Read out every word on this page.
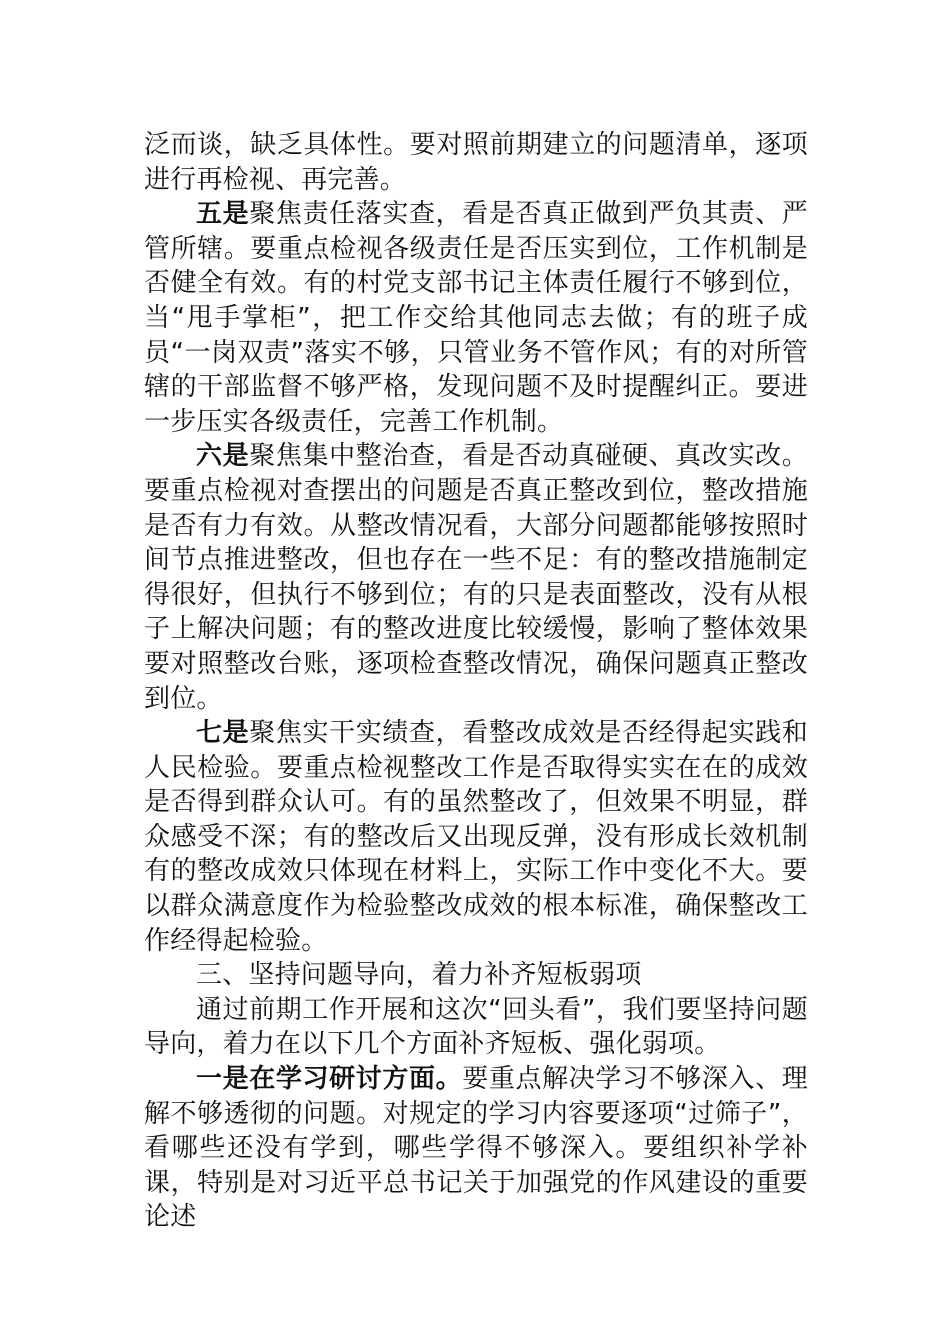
泛而谈，缺乏具体性。要对照前期建立的问题清单，逐项进行再检视、再完善。

五是聚焦责任落实查，看是否真正做到严负其责、严管所辖。要重点检视各级责任是否压实到位，工作机制是否健全有效。有的村党支部书记主体责任履行不够到位，当“甩手掌柜”，把工作交给其他同志去做；有的班子成员“一岗双责”落实不够，只管业务不管作风；有的对所管辖的干部监督不够严格，发现问题不及时提醒纠正。要进一步压实各级责任，完善工作机制。

六是聚焦集中整治查，看是否动真碰硬、真改实改。要重点检视对查摆出的问题是否真正整改到位，整改措施是否有力有效。从整改情况看，大部分问题都能够按照时间节点推进整改，但也存在一些不足：有的整改措施制定得很好，但执行不够到位；有的只是表面整改，没有从根子上解决问题；有的整改进度比较缓慢，影响了整体效果要对照整改台账，逐项检查整改情况，确保问题真正整改到位。

七是聚焦实干实绩查，看整改成效是否经得起实践和人民检验。要重点检视整改工作是否取得实实在在的成效是否得到群众认可。有的虽然整改了，但效果不明显，群众感受不深；有的整改后又出现反弹，没有形成长效机制有的整改成效只体现在材料上，实际工作中变化不大。要以群众满意度作为检验整改成效的根本标准，确保整改工作经得起检验。

三、坚持问题导向，着力补齐短板弱项

通过前期工作开展和这次“回头看”，我们要坚持问题导向，着力在以下几个方面补齐短板、强化弱项。

一是在学习研讨方面。要重点解决学习不够深入、理解不够透彻的问题。对规定的学习内容要逐项“过筛子”，看哪些还没有学到，哪些学得不够深入。要组织补学补课，特别是对习近平总书记关于加强党的作风建设的重要论述
